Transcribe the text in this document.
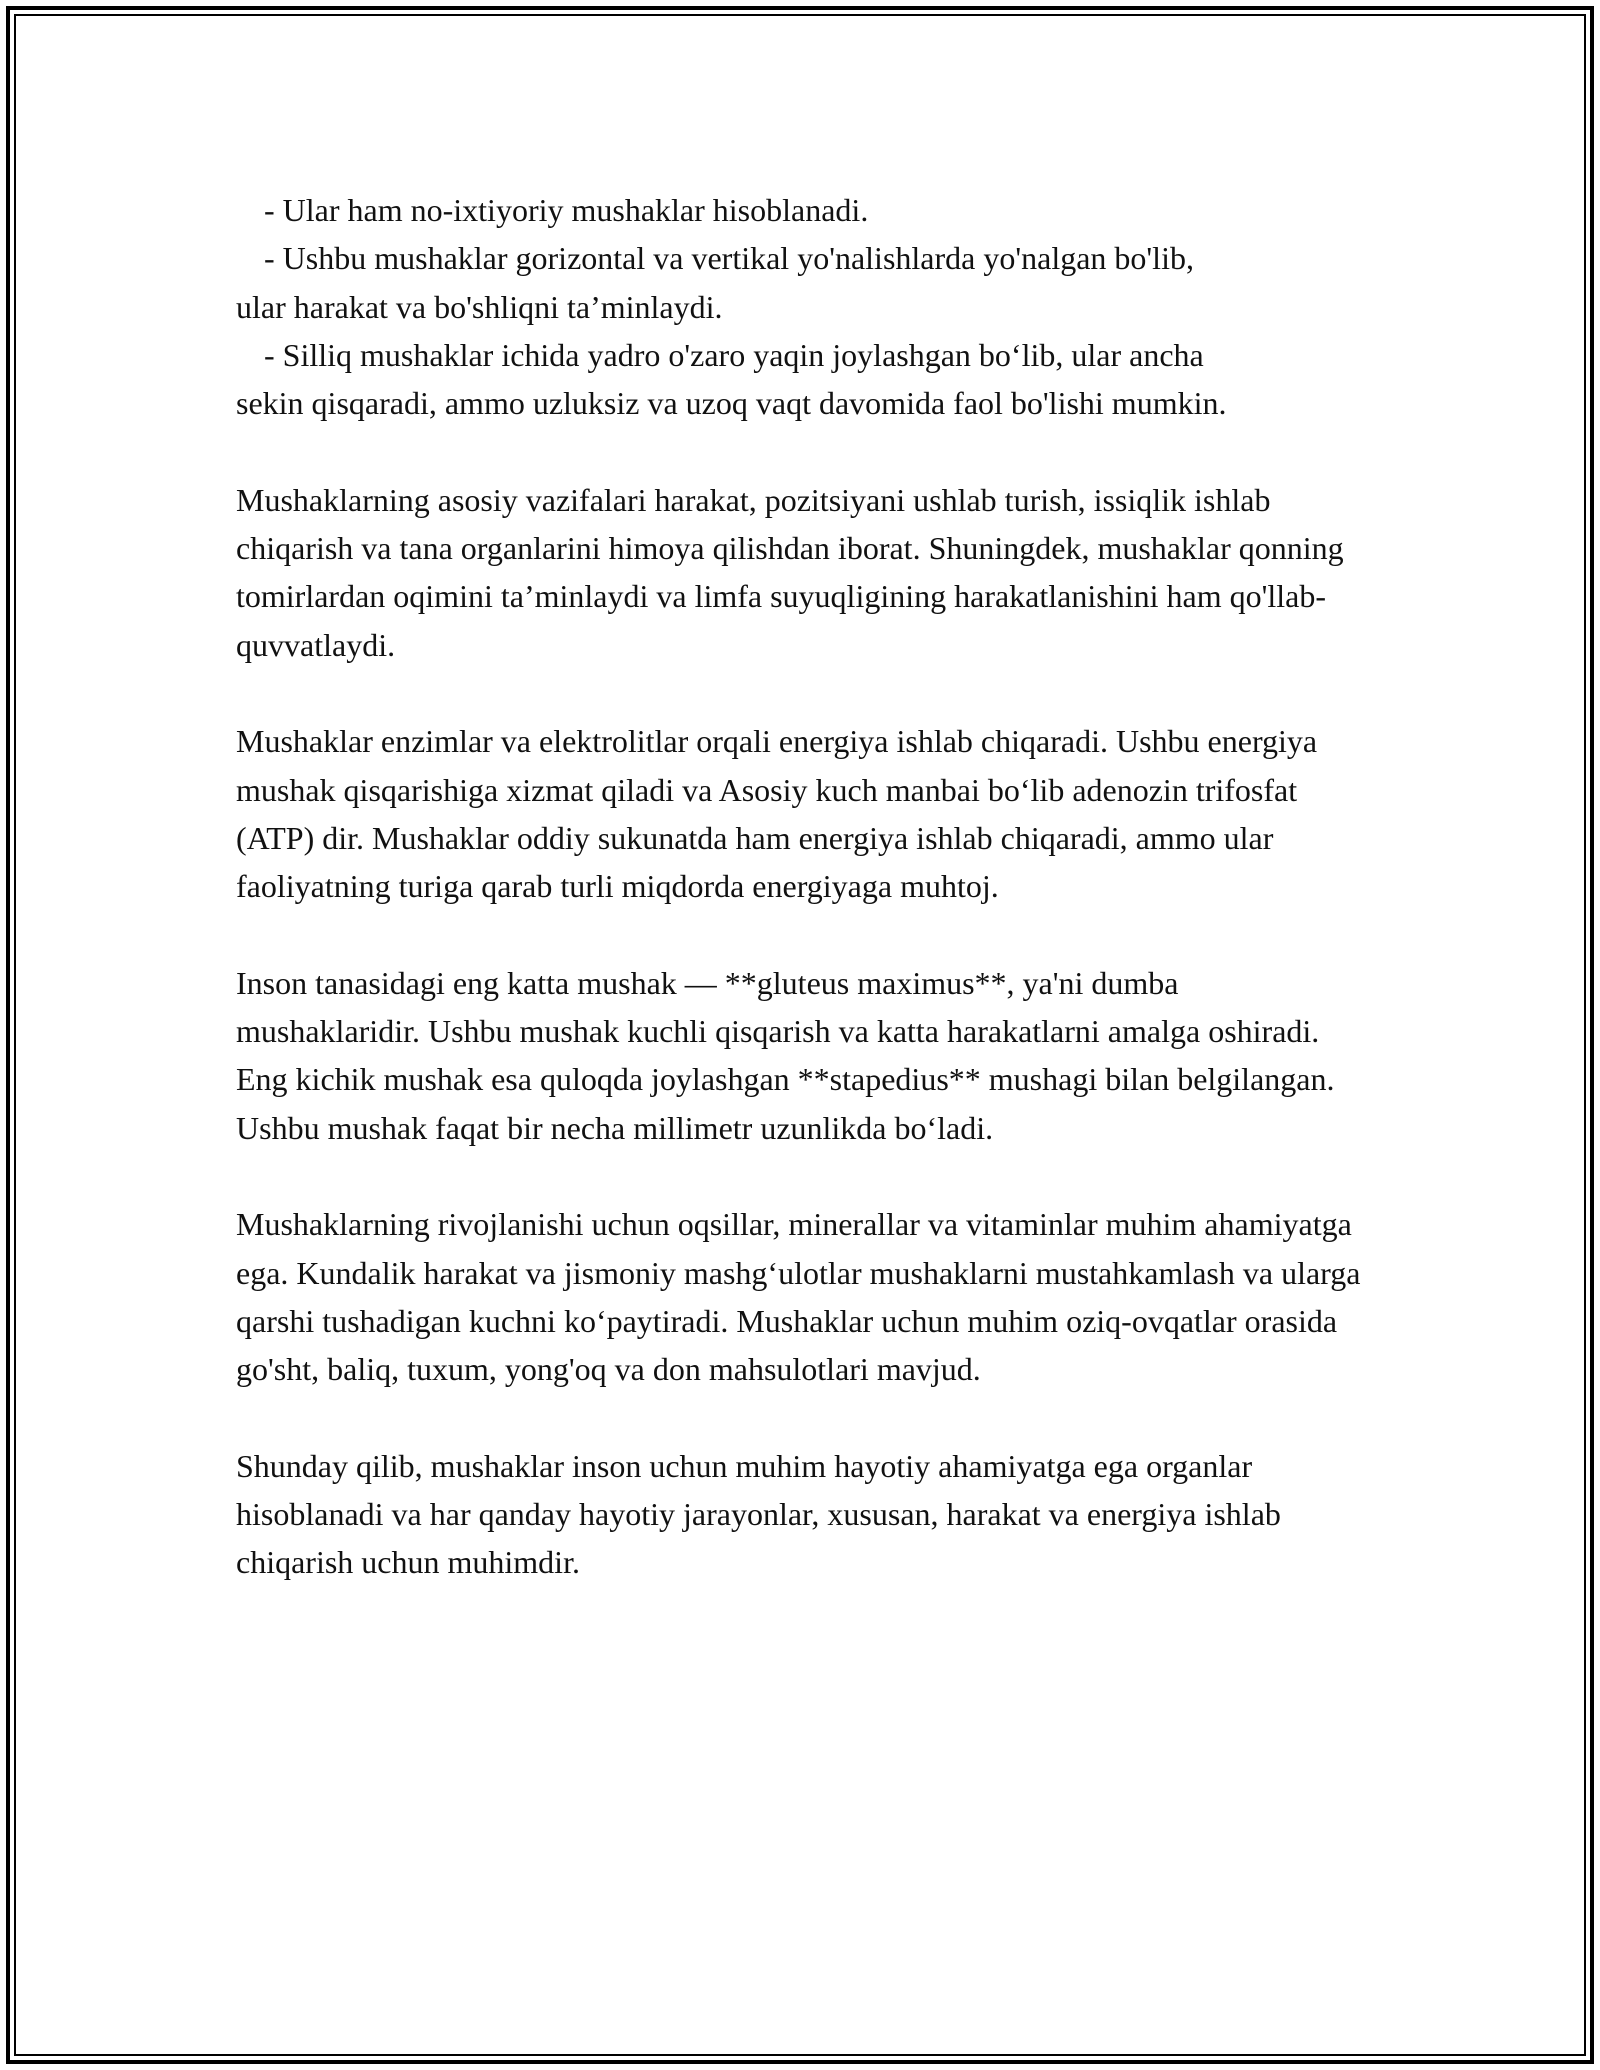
- Ular ham no-ixtiyoriy mushaklar hisoblanadi.
- Ushbu mushaklar gorizontal va vertikal yo'nalishlarda yo'nalgan bo'lib,
ular harakat va bo'shliqni ta’minlaydi.
- Silliq mushaklar ichida yadro o'zaro yaqin joylashgan bo‘lib, ular ancha
sekin qisqaradi, ammo uzluksiz va uzoq vaqt davomida faol bo'lishi mumkin.

Mushaklarning asosiy vazifalari harakat, pozitsiyani ushlab turish, issiqlik ishlab chiqarish va tana organlarini himoya qilishdan iborat. Shuningdek, mushaklar qonning tomirlardan oqimini ta’minlaydi va limfa suyuqligining harakatlanishini ham qo'llab-quvvatlaydi.

Mushaklar enzimlar va elektrolitlar orqali energiya ishlab chiqaradi. Ushbu energiya mushak qisqarishiga xizmat qiladi va Asosiy kuch manbai bo‘lib adenozin trifosfat (ATP) dir. Mushaklar oddiy sukunatda ham energiya ishlab chiqaradi, ammo ular faoliyatning turiga qarab turli miqdorda energiyaga muhtoj.

Inson tanasidagi eng katta mushak — **gluteus maximus**, ya'ni dumba mushaklaridir. Ushbu mushak kuchli qisqarish va katta harakatlarni amalga oshiradi. Eng kichik mushak esa quloqda joylashgan **stapedius** mushagi bilan belgilangan. Ushbu mushak faqat bir necha millimetr uzunlikda bo‘ladi.

Mushaklarning rivojlanishi uchun oqsillar, minerallar va vitaminlar muhim ahamiyatga ega. Kundalik harakat va jismoniy mashg‘ulotlar mushaklarni mustahkamlash va ularga qarshi tushadigan kuchni ko‘paytiradi. Mushaklar uchun muhim oziq-ovqatlar orasida go'sht, baliq, tuxum, yong'oq va don mahsulotlari mavjud.

Shunday qilib, mushaklar inson uchun muhim hayotiy ahamiyatga ega organlar hisoblanadi va har qanday hayotiy jarayonlar, xususan, harakat va energiya ishlab chiqarish uchun muhimdir.
